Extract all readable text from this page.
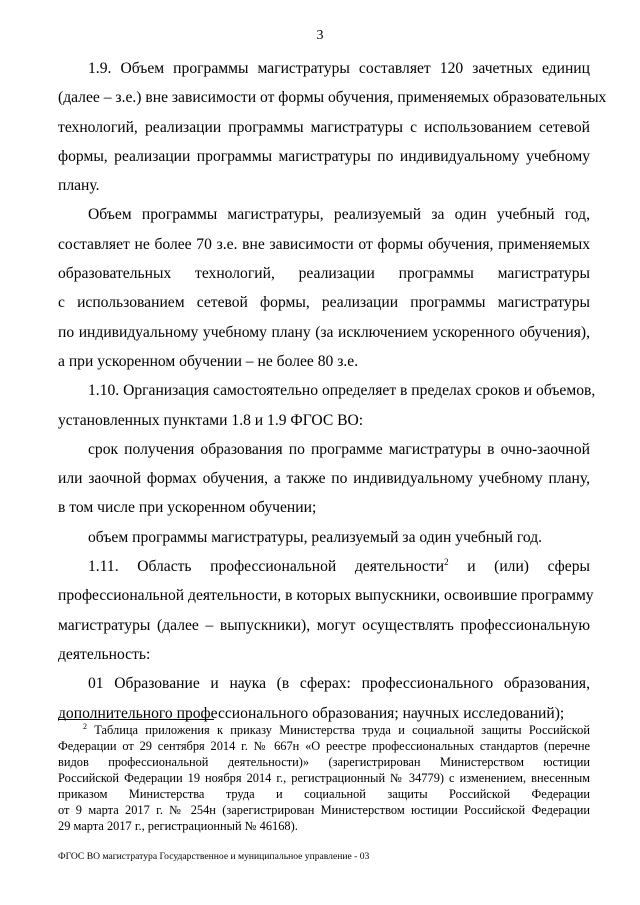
3
1.9. Объем программы магистратуры составляет 120 зачетных единиц
(далее – з.е.) вне зависимости от формы обучения, применяемых образовательных
технологий, реализации программы магистратуры с использованием сетевой
формы, реализации программы магистратуры по индивидуальному учебному
плану.
Объем программы магистратуры, реализуемый за один учебный год,
составляет не более 70 з.е. вне зависимости от формы обучения, применяемых
образовательных технологий, реализации программы магистратуры
с использованием сетевой формы, реализации программы магистратуры
по индивидуальному учебному плану (за исключением ускоренного обучения),
а при ускоренном обучении – не более 80 з.е.
1.10. Организация самостоятельно определяет в пределах сроков и объемов,
установленных пунктами 1.8 и 1.9 ФГОС ВО:
срок получения образования по программе магистратуры в очно-заочной
или заочной формах обучения, а также по индивидуальному учебному плану,
в том числе при ускоренном обучении;
объем программы магистратуры, реализуемый за один учебный год.
1.11. Область профессиональной деятельности$^2$ и (или) сферы
профессиональной деятельности, в которых выпускники, освоившие программу
магистратуры (далее – выпускники), могут осуществлять профессиональную
деятельность:
01 Образование и наука (в сферах: профессионального образования,
дополнительного профессионального образования; научных исследований);
$^2$ Таблица приложения к приказу Министерства труда и социальной защиты Российской
Федерации от 29 сентября 2014 г. № 667н «О реестре профессиональных стандартов (перечне
видов профессиональной деятельности)» (зарегистрирован Министерством юстиции
Российской Федерации 19 ноября 2014 г., регистрационный № 34779) с изменением, внесенным
приказом Министерства труда и социальной защиты Российской Федерации
от 9 марта 2017 г. № 254н (зарегистрирован Министерством юстиции Российской Федерации
29 марта 2017 г., регистрационный № 46168).
ФГОС ВО магистратура Государственное и муниципальное управление - 03
